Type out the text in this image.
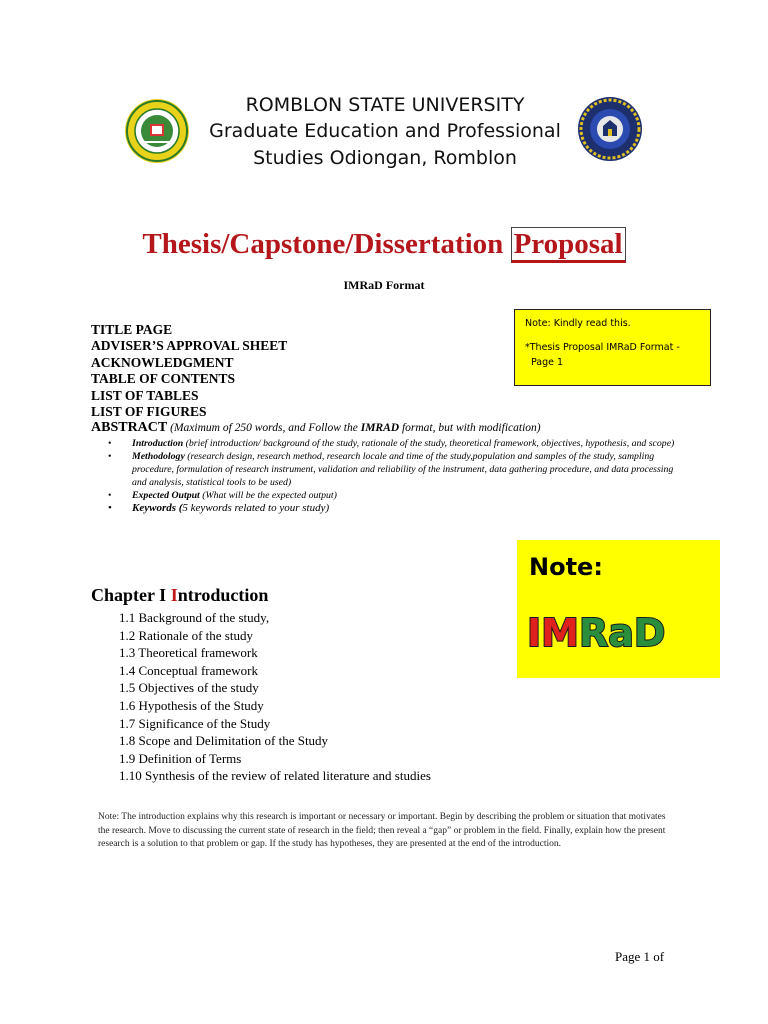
ROMBLON STATE UNIVERSITY
Graduate Education and Professional
Studies Odiongan, Romblon
Thesis/Capstone/Dissertation Proposal
IMRaD Format
Note: Kindly read this.
*Thesis Proposal IMRaD Format -
Page 1
TITLE PAGE
ADVISER’S APPROVAL SHEET
ACKNOWLEDGMENT
TABLE OF CONTENTS
LIST OF TABLES
LIST OF FIGURES
ABSTRACT (Maximum of 250 words, and Follow the IMRAD format, but with modification)
• Introduction (brief introduction/ background of the study, rationale of the study, theoretical framework, objectives, hypothesis, and scope)
• Methodology (research design, research method, research locale and time of the study,population and samples of the study, sampling procedure, formulation of research instrument, validation and reliability of the instrument, data gathering procedure, and data processing and analysis, statistical tools to be used)
• Expected Output (What will be the expected output)
• Keywords (5 keywords related to your study)
Note:
IMRaD
Chapter I Introduction
1.1 Background of the study,
1.2 Rationale of the study
1.3 Theoretical framework
1.4 Conceptual framework
1.5 Objectives of the study
1.6 Hypothesis of the Study
1.7 Significance of the Study
1.8 Scope and Delimitation of the Study
1.9 Definition of Terms
1.10 Synthesis of the review of related literature and studies
Note: The introduction explains why this research is important or necessary or important. Begin by describing the problem or situation that motivates the research. Move to discussing the current state of research in the field; then reveal a “gap” or problem in the field. Finally, explain how the present research is a solution to that problem or gap. If the study has hypotheses, they are presented at the end of the introduction.
Page 1 of
